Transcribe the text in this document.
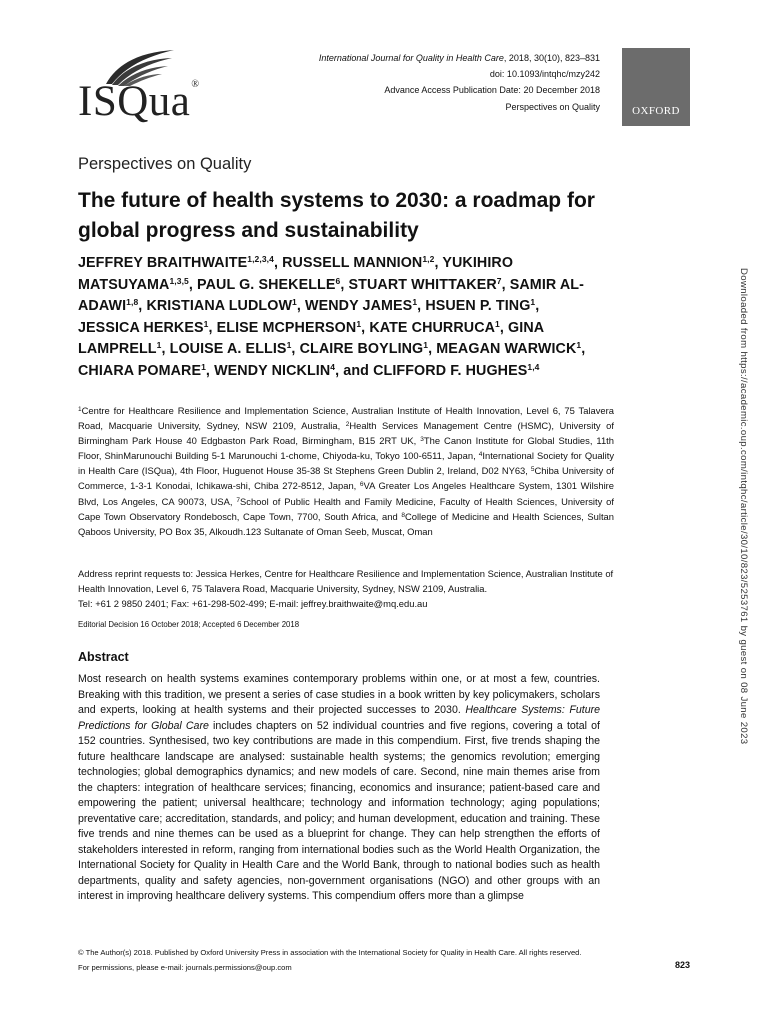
ISQua®
International Journal for Quality in Health Care, 2018, 30(10), 823–831
doi: 10.1093/intqhc/mzy242
Advance Access Publication Date: 20 December 2018
Perspectives on Quality	OXFORD
Perspectives on Quality
The future of health systems to 2030: a roadmap for global progress and sustainability
JEFFREY BRAITHWAITE$^{1,2,3,4}$, RUSSELL MANNION$^{1,2}$, YUKIHIRO MATSUYAMA$^{1,3,5}$, PAUL G. SHEKELLE$^6$, STUART WHITTAKER$^7$, SAMIR AL-ADAWI$^{1,8}$, KRISTIANA LUDLOW$^1$, WENDY JAMES$^1$, HSUEN P. TING$^1$, JESSICA HERKES$^1$, ELISE MCPHERSON$^1$, KATE CHURRUCA$^1$, GINA LAMPRELL$^1$, LOUISE A. ELLIS$^1$, CLAIRE BOYLING$^1$, MEAGAN WARWICK$^1$, CHIARA POMARE$^1$, WENDY NICKLIN$^4$, and CLIFFORD F. HUGHES$^{1,4}$
$^1$Centre for Healthcare Resilience and Implementation Science, Australian Institute of Health Innovation, Level 6, 75 Talavera Road, Macquarie University, Sydney, NSW 2109, Australia, $^2$Health Services Management Centre (HSMC), University of Birmingham Park House 40 Edgbaston Park Road, Birmingham, B15 2RT UK, $^3$The Canon Institute for Global Studies, 11th Floor, ShinMarunouchi Building 5-1 Marunouchi 1-chome, Chiyoda-ku, Tokyo 100-6511, Japan, $^4$International Society for Quality in Health Care (ISQua), 4th Floor, Huguenot House 35-38 St Stephens Green Dublin 2, Ireland, D02 NY63, $^5$Chiba University of Commerce, 1-3-1 Konodai, Ichikawa-shi, Chiba 272-8512, Japan, $^6$VA Greater Los Angeles Healthcare System, 1301 Wilshire Blvd, Los Angeles, CA 90073, USA, $^7$School of Public Health and Family Medicine, Faculty of Health Sciences, University of Cape Town Observatory Rondebosch, Cape Town, 7700, South Africa, and $^8$College of Medicine and Health Sciences, Sultan Qaboos University, PO Box 35, Alkoudh.123 Sultanate of Oman Seeb, Muscat, Oman

Address reprint requests to: Jessica Herkes, Centre for Healthcare Resilience and Implementation Science, Australian Institute of Health Innovation, Level 6, 75 Talavera Road, Macquarie University, Sydney, NSW 2109, Australia.

Tel: +61 2 9850 2401; Fax: +61-298-502-499; E-mail: jeffrey.braithwaite@mq.edu.au

Editorial Decision 16 October 2018; Accepted 6 December 2018
Abstract
Most research on health systems examines contemporary problems within one, or at most a few, countries. Breaking with this tradition, we present a series of case studies in a book written by key policymakers, scholars and experts, looking at health systems and their projected successes to 2030. Healthcare Systems: Future Predictions for Global Care includes chapters on 52 individual countries and five regions, covering a total of 152 countries. Synthesised, two key contributions are made in this compendium. First, five trends shaping the future healthcare landscape are analysed: sustainable health systems; the genomics revolution; emerging technologies; global demographics dynamics; and new models of care. Second, nine main themes arise from the chapters: integration of healthcare services; financing, economics and insurance; patient-based care and empowering the patient; universal healthcare; technology and information technology; aging populations; preventative care; accreditation, standards, and policy; and human development, education and training. These five trends and nine themes can be used as a blueprint for change. They can help strengthen the efforts of stakeholders interested in reform, ranging from international bodies such as the World Health Organization, the International Society for Quality in Health Care and the World Bank, through to national bodies such as health departments, quality and safety agencies, non-government organisations (NGO) and other groups with an interest in improving healthcare delivery systems. This compendium offers more than a glimpse

© The Author(s) 2018. Published by Oxford University Press in association with the International Society for Quality in Health Care. All rights reserved.

For permissions, please e-mail: journals.permissions@oup.com	823
Downloaded from https://academic.oup.com/intqhc/article/30/10/823/5253761 by guest on 08 June 2023
